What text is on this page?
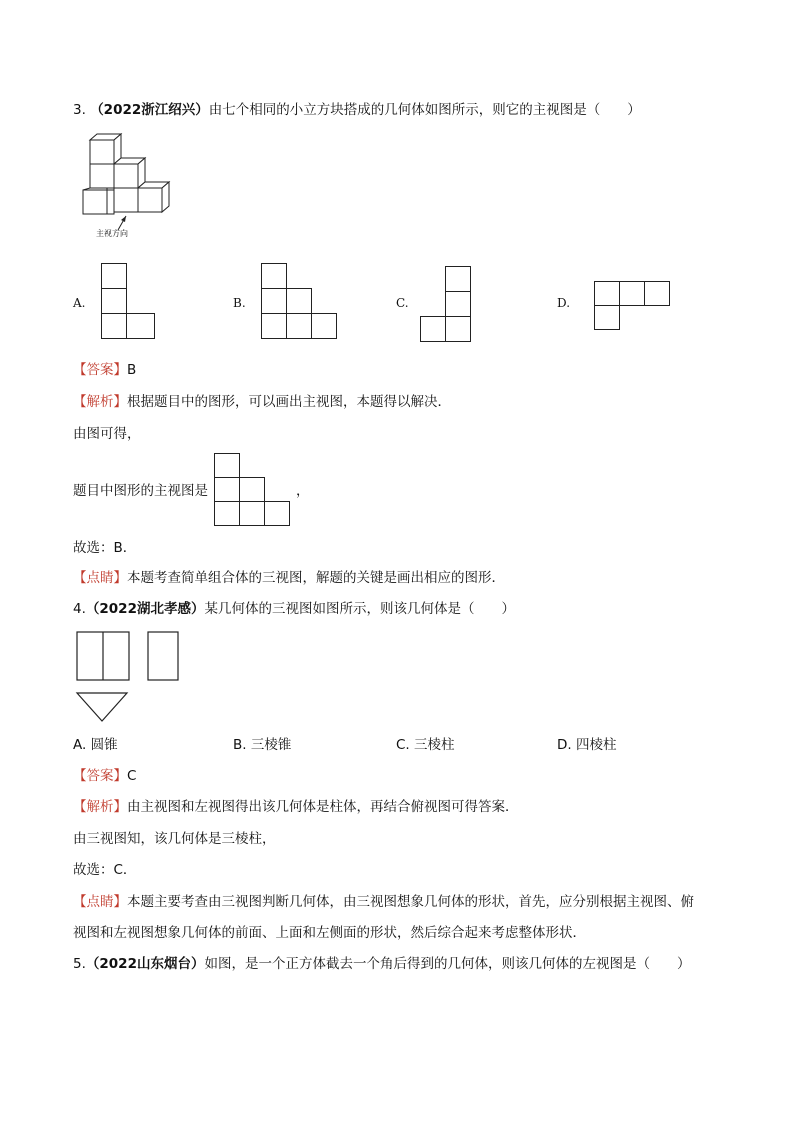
3. （2022浙江绍兴）由七个相同的小立方块搭成的几何体如图所示，则它的主视图是（　　）
主视方向
A.	B.	C.	D.
【答案】B
【解析】根据题目中的图形，可以画出主视图，本题得以解决．
由图可得，
题目中图形的主视图是	，
故选：B．
【点睛】本题考查简单组合体的三视图，解题的关键是画出相应的图形．
4.（2022湖北孝感）某几何体的三视图如图所示，则该几何体是（　　）
A. 圆锥	B. 三棱锥	C. 三棱柱	D. 四棱柱
【答案】C
【解析】由主视图和左视图得出该几何体是柱体，再结合俯视图可得答案．
由三视图知，该几何体是三棱柱，
故选：C．
【点睛】本题主要考查由三视图判断几何体，由三视图想象几何体的形状，首先，应分别根据主视图、俯
视图和左视图想象几何体的前面、上面和左侧面的形状，然后综合起来考虑整体形状．
5.（2022山东烟台）如图，是一个正方体截去一个角后得到的几何体，则该几何体的左视图是（　　）
